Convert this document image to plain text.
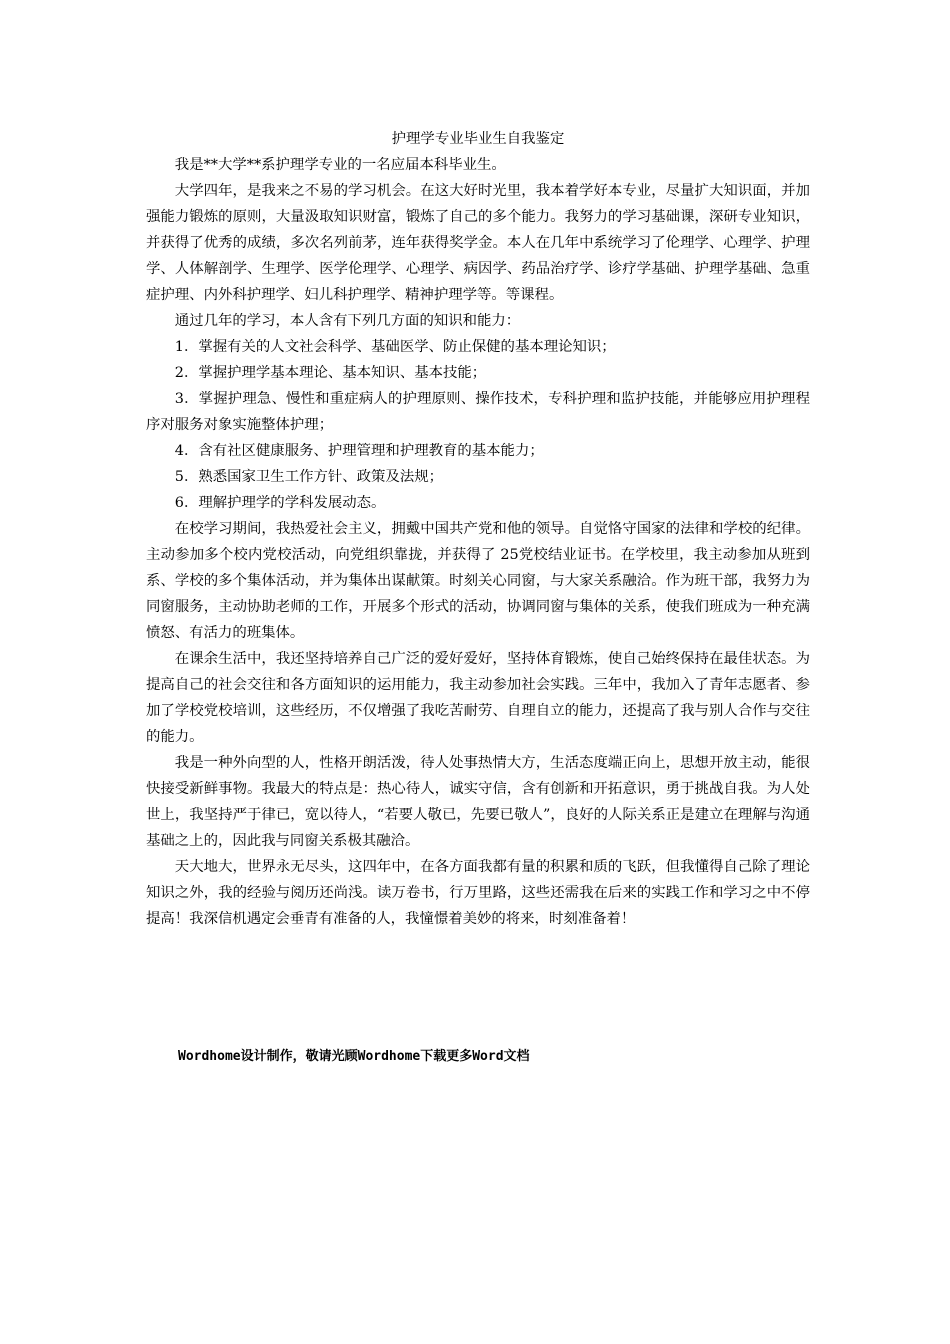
护理学专业毕业生自我鉴定

我是**大学**系护理学专业的一名应届本科毕业生。

大学四年，是我来之不易的学习机会。在这大好时光里，我本着学好本专业，尽量扩大知识面，并加强能力锻炼的原则，大量汲取知识财富，锻炼了自己的多个能力。我努力的学习基础课，深研专业知识，并获得了优秀的成绩，多次名列前茅，连年获得奖学金。本人在几年中系统学习了伦理学、心理学、护理学、人体解剖学、生理学、医学伦理学、心理学、病因学、药品治疗学、诊疗学基础、护理学基础、急重症护理、内外科护理学、妇儿科护理学、精神护理学等。等课程。

通过几年的学习，本人含有下列几方面的知识和能力：

1．掌握有关的人文社会科学、基础医学、防止保健的基本理论知识；

2．掌握护理学基本理论、基本知识、基本技能；

3．掌握护理急、慢性和重症病人的护理原则、操作技术，专科护理和监护技能，并能够应用护理程序对服务对象实施整体护理；

4．含有社区健康服务、护理管理和护理教育的基本能力；

5．熟悉国家卫生工作方针、政策及法规；

6．理解护理学的学科发展动态。

在校学习期间，我热爱社会主义，拥戴中国共产党和他的领导。自觉恪守国家的法律和学校的纪律。主动参加多个校内党校活动，向党组织靠拢，并获得了 25党校结业证书。在学校里，我主动参加从班到系、学校的多个集体活动，并为集体出谋献策。时刻关心同窗，与大家关系融洽。作为班干部，我努力为同窗服务，主动协助老师的工作，开展多个形式的活动，协调同窗与集体的关系，使我们班成为一种充满愤怒、有活力的班集体。

在课余生活中，我还坚持培养自己广泛的爱好爱好，坚持体育锻炼，使自己始终保持在最佳状态。为提高自己的社会交往和各方面知识的运用能力，我主动参加社会实践。三年中，我加入了青年志愿者、参加了学校党校培训，这些经历，不仅增强了我吃苦耐劳、自理自立的能力，还提高了我与别人合作与交往的能力。

我是一种外向型的人，性格开朗活泼，待人处事热情大方，生活态度端正向上，思想开放主动，能很快接受新鲜事物。我最大的特点是：热心待人，诚实守信，含有创新和开拓意识，勇于挑战自我。为人处世上，我坚持严于律已，宽以待人，“若要人敬已，先要已敬人”，良好的人际关系正是建立在理解与沟通基础之上的，因此我与同窗关系极其融洽。

天大地大，世界永无尽头，这四年中，在各方面我都有量的积累和质的飞跃，但我懂得自己除了理论知识之外，我的经验与阅历还尚浅。读万卷书，行万里路，这些还需我在后来的实践工作和学习之中不停提高！我深信机遇定会垂青有准备的人，我憧憬着美妙的将来，时刻准备着！

Wordhome设计制作，敬请光顾Wordhome下载更多Word文档
